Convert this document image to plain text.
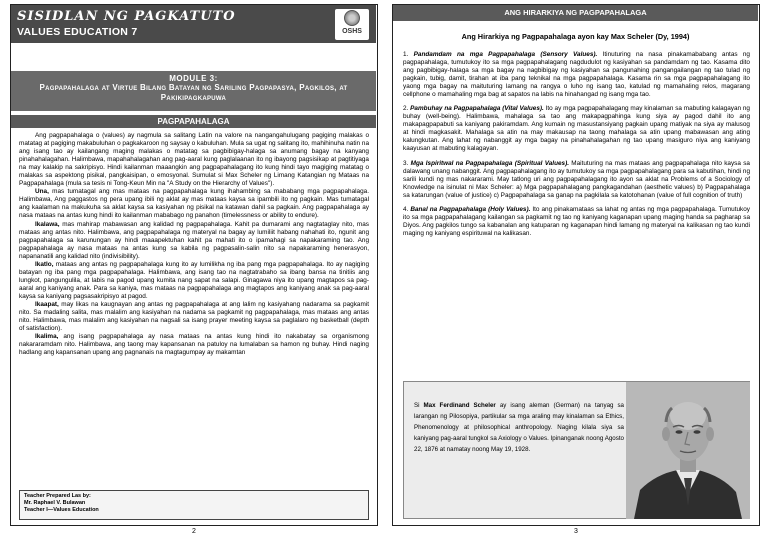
SISIDLAN NG PAGKATUTO
VALUES EDUCATION 7	OSHS
MODULE 3:
Pagpapahalaga at Virtue Bilang Batayan ng Sariling Pagpapasya, Pagkilos, at Pakikipagkapuwa
PAGPAPAHALAGA

Ang pagpapahalaga o (values) ay nagmula sa salitang Latin na valore na nangangahulugang pagiging malakas o matatag at pagiging makabuluhan o pagkakaroon ng saysay o kabuluhan. Mula sa ugat ng salitang ito, mahihinuha natin na ang isang tao ay kailangang maging malakas o matatag sa pagbibigay-halaga sa anumang bagay na kanyang pinahahalagahan. Halimbawa, mapahahalagahan ang pag-aaral kung paglalaanan ito ng ibayong pagsisikap at pagtitiyaga na may kalakip na sakripisyo. Hindi kailanman maaangkin ang pagpapahalagang ito kung hindi tayo magiging matatag o malakas sa aspektong pisikal, pangkaisipan, o emosyonal. Sumulat si Max Scheler ng Limang Katangian ng Mataas na Pagpapahalaga (mula sa tesis ni Tong-Keun Min na "A Study on the Hierarchy of Values").

Una, mas tumatagal ang mas mataas na pagpapahalaga kung ihahambing sa mababang mga pagpapahalaga. Halimbawa, Ang paggastos ng pera upang ibili ng aklat ay mas mataas kaysa sa ipambili ito ng pagkain. Mas tumatagal ang kaalaman na makukuha sa aklat kaysa sa kasiyahan ng pisikal na katawan dahil sa pagkain. Ang pagpapahalaga ay nasa mataas na antas kung hindi ito kailanman mababago ng panahon (timelessness or ability to endure).

Ikalawa, mas mahirap mabawasan ang kalidad ng pagpapahalaga. Kahit pa dumarami ang nagtataglay nito, mas mataas ang antas nito. Halimbawa, ang pagpapahalaga ng materyal na bagay ay lumiliit habang nahahati ito, ngunit ang pagpapahalaga sa karunungan ay hindi maaapektuhan kahit pa mahati ito o ipamahagi sa napakaraming tao. Ang pagpapahalaga ay nasa mataas na antas kung sa kabila ng pagpasalin-salin nito sa napakaraming henerasyon, napananatili ang kalidad nito (indivisibility).

Ikatlo, mataas ang antas ng pagpapahalaga kung ito ay lumilikha ng iba pang mga pagpapahalaga. Ito ay nagiging batayan ng iba pang mga pagpapahalaga. Halimbawa, ang isang tao na nagtatrabaho sa ibang bansa na tinitiis ang lungkot, pangungulila, at labis na pagod upang kumita nang sapat na salapi. Ginagawa niya ito upang magtapos sa pag-aaral ang kaniyang anak. Para sa kaniya, mas mataas na pagpapahalaga ang magtapos ang kaniyang anak sa pag-aaral kaysa sa kaniyang pagsasakripisyo at pagod.

Ikaapat, may likas na kaugnayan ang antas ng pagpapahalaga at ang lalim ng kasiyahang nadarama sa pagkamit nito. Sa madaling salita, mas malalim ang kasiyahan na nadama sa pagkamit ng pagpapahalaga, mas mataas ang antas nito. Halimbawa, mas malalim ang kasiyahan na nagsali sa isang prayer meeting kaysa sa paglalaro ng basketball (depth of satisfaction).

Ikalima, ang isang pagpapahalaga ay nasa mataas na antas kung hindi ito nakabatay sa organismong nakararamdam nito. Halimbawa, ang taong may kapansanan na patuloy na lumalaban sa hamon ng buhay. Hindi naging hadlang ang kapansanan upang ang pagnanais na magtagumpay ay makamtan

Teacher Prepared Las by:
Mr. Raphael V. Bulawan
Teacher I—Values Education
2
ANG HIRARKIYA NG PAGPAPAHALAGA
Ang Hirarkiya ng Pagpapahalaga ayon kay Max Scheler (Dy, 1994)

1. Pandamdam na mga Pagpapahalaga (Sensory Values). Itinuturing na nasa pinakamababang antas ng pagpapahalaga, tumutukoy ito sa mga pagpapahalagang nagdudulot ng kasiyahan sa pandamdam ng tao. Kasama dito ang pagbibigay-halaga sa mga bagay na nagbibigay ng kasiyahan sa pangunahing pangangailangan ng tao tulad ng pagkain, tubig, damit, tirahan at iba pang teknikal na mga pagpapahalaga. Kasama rin sa mga pagpapahalagang ito yaong mga bagay na maituturing lamang na rangya o luho ng isang tao, katulad ng mamahaling relos, magarang cellphone o mamahaling mga bag at sapatos na labis na hinahangad ng isang mga tao.

2. Pambuhay na Pagpapahalaga (Vital Values). Ito ay mga pagpapahalagang may kinalaman sa mabuting kalagayan ng buhay (well-being). Halimbawa, mahalaga sa tao ang makapagpahinga kung siya ay pagod dahil ito ang makapagpapabuti sa kaniyang pakiramdam. Ang kumain ng masustansiyang pagkain upang matiyak na siya ay malusog at hindi magkasakit. Mahalaga sa atin na may makausap na taong mahalaga sa atin upang mabawasan ang ating kalungkutan. Ang lahat ng nabanggit ay mga bagay na pinahahalagahan ng tao upang masiguro niya ang kaniyang kaayusan at mabuting kalagayan.

3. Mga Ispiritwal na Pagpapahalaga (Spiritual Values). Maituturing na mas mataas ang pagpapahalaga nito kaysa sa dalawang unang nabanggit. Ang pagpapahalagang ito ay tumutukoy sa mga pagpapahalagang para sa kabutihan, hindi ng sarili kundi ng mas nakararami. May tatlong uri ang pagpapahalagang ito ayon sa aklat na Problems of a Sociology of Knowledge na isinulat ni Max Scheler: a) Mga pagpapahalagang pangkagandahan (aesthetic values) b) Pagpapahalaga sa katarungan (value of justice) c) Pagpapahalaga sa ganap na pagkilala sa katotohanan (value of full cognition of truth)

4. Banal na Pagpapahalaga (Holy Values). Ito ang pinakamataas sa lahat ng antas ng mga pagpapahalaga. Tumutukoy ito sa mga pagpapahalagang kailangan sa pagkamit ng tao ng kaniyang kaganapan upang maging handa sa pagharap sa Diyos. Ang pagkilos tungo sa kabanalan ang katuparan ng kaganapan hindi lamang ng materyal na kalikasan ng tao kundi maging ng kaniyang espirituwal na kalikasan.

Si Max Ferdinand Scheler ay isang aleman (German) na tanyag sa larangan ng Pilosopiya, partikular sa mga araling may kinalaman sa Ethics, Phenomenology at philosophical anthropology. Naging kilala siya sa kaniyang pag-aaral tungkol sa Axiology o Values. Ipinanganak noong Agosto 22, 1876 at namatay noong May 19, 1928.
3
